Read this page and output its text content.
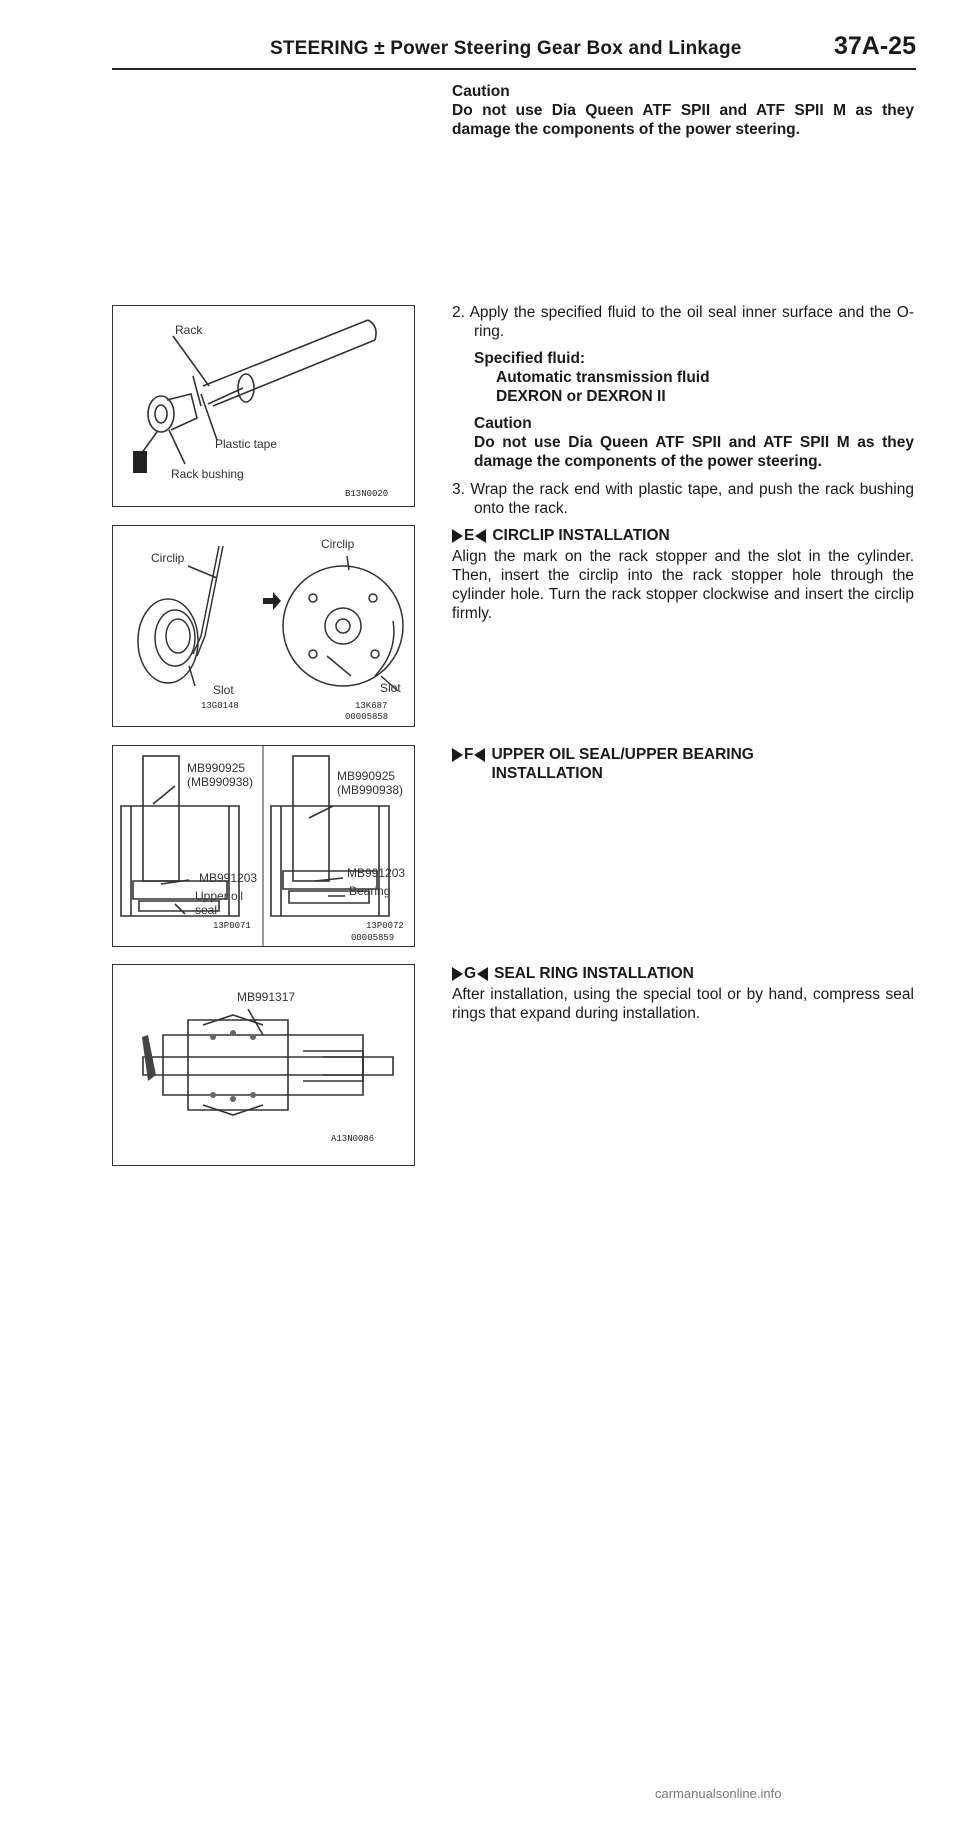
STEERING ± Power Steering Gear Box and Linkage	37A-25
Caution
Do not use Dia Queen ATF SPII and ATF SPII M as they damage the components of the power steering.
2. Apply the specified fluid to the oil seal inner surface and the O-ring.
Specified fluid:
Automatic transmission fluid
DEXRON or DEXRON II
Caution
Do not use Dia Queen ATF SPII and ATF SPII M as they damage the components of the power steering.
3. Wrap the rack end with plastic tape, and push the rack bushing onto the rack.
E CIRCLIP INSTALLATION
Align the mark on the rack stopper and the slot in the cylinder. Then, insert the circlip into the rack stopper hole through the cylinder hole. Turn the rack stopper clockwise and insert the circlip firmly.
F UPPER OIL SEAL/UPPER BEARING
INSTALLATION
G SEAL RING INSTALLATION
After installation, using the special tool or by hand, compress seal rings that expand during installation.
Rack
Plastic tape
Rack bushing
B13N0020
Circlip
Circlip
Slot	Slot
13G0148	13K687
00005858
MB990925
(MB990938)
MB991203
Upper oil
seal
MB990925
(MB990938)
MB991203
Bearing
13P0071	13P0072
00005859
MB991317
A13N0086
carmanualsonline.info
